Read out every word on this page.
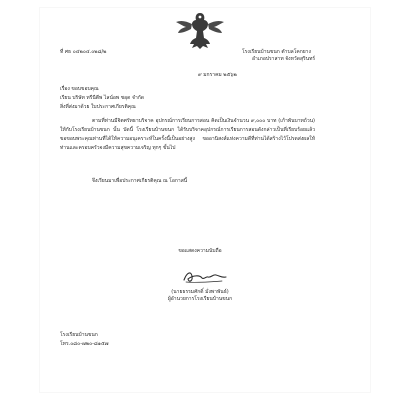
ที่ ศธ ๐๔๒๐๔.๐๒๘/๒	โรงเรียนบ้านขนก ตำบลโคกยาง
อำเภอปราสาท จังหวัดสุรินทร์
๙ มกราคม ๒๕๖๒
เรื่อง ขอบขอบคุณ
เรียน บริษัท ทรีนีตีพ ไลน์อพ ชอุด จำกัด
สิ่งที่ส่งมาด้วย ใบประกาศเกียรติคุณ
ตามที่ท่านมีจิตศรัทธาบริจาค อุปกรณ์การเรียนการสอน คิดเป็นเงินจำนวน ๙,๐๐๐ บาท (เก้าพันบาทถ้วน) ให้กับโรงเรียนบ้านขนก นั้น บัดนี้ โรงเรียนบ้านขนก ได้รับบริจาคอุปกรณ์การเรียนการสอนดังกล่าวเป็นที่เรียบร้อยแล้ว ขอขอบพระคุณท่านที่ได้ให้ความอนุเคราะห์ในครั้งนี้เป็นอย่างสูง ขออานิสงส์แห่งความดีที่ท่านได้สร้างไว้โปรดส่งผลให้ท่านและครอบครัวจงมีความสุขความเจริญ ทุกๆ ขั้นไป
จึงเรียนมาเพื่อประกาศเกียรติคุณ ณ โอกาสนี้
ขอแสดงความนับถือ
(นายธรรมศักดิ์ มั่งพาพันธ์)
ผู้อำนวยการโรงเรียนบ้านขนก
โรงเรียนบ้านขนก
โทร.๐๘๐-๗๒๐-๘๑๕๗
